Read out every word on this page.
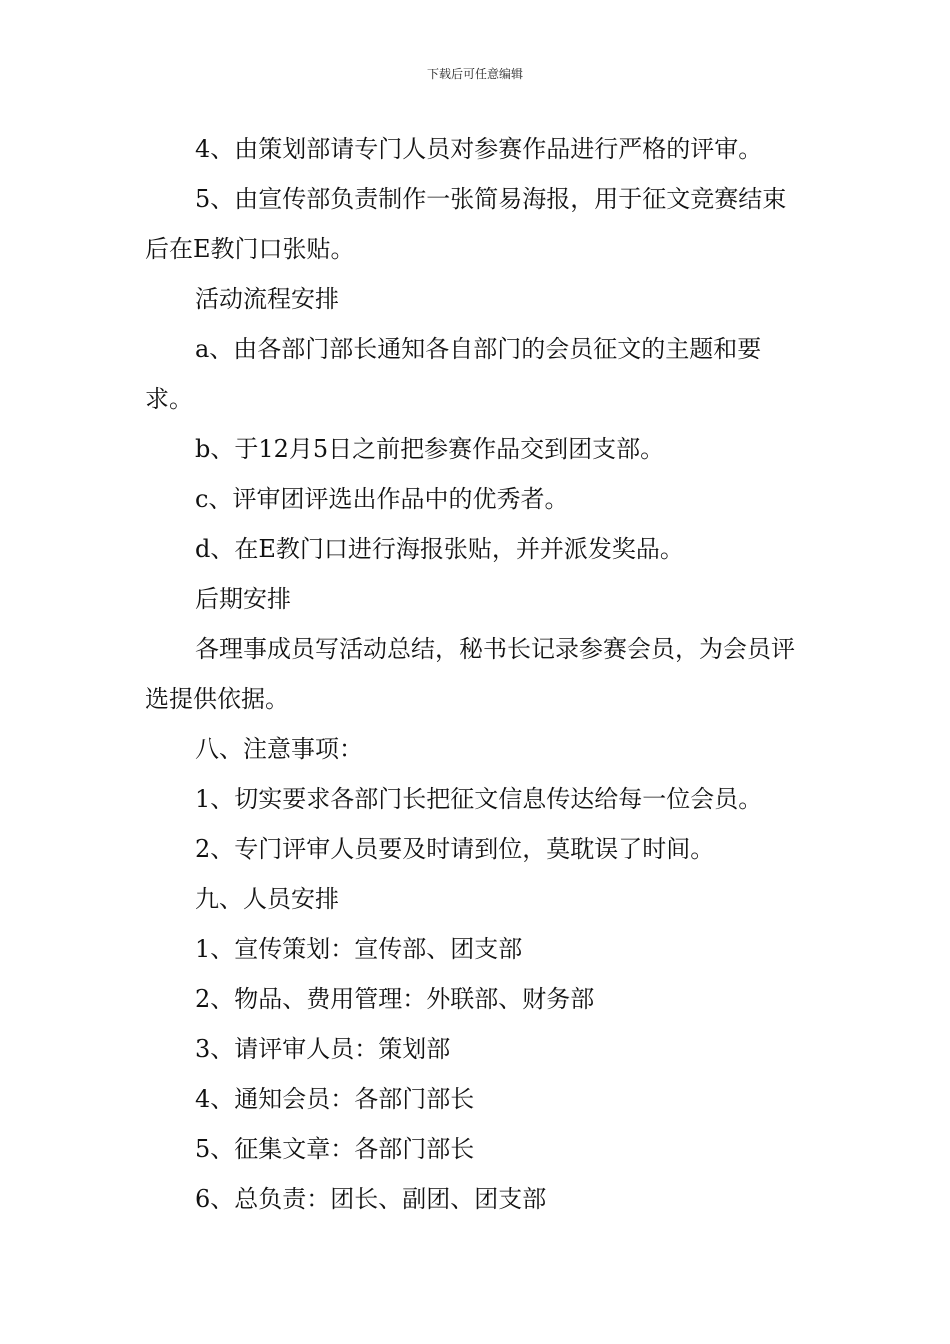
下载后可任意编辑

4、由策划部请专门人员对参赛作品进行严格的评审。

5、由宣传部负责制作一张简易海报，用于征文竞赛结束后在E教门口张贴。

活动流程安排

a、由各部门部长通知各自部门的会员征文的主题和要求。

b、于12月5日之前把参赛作品交到团支部。

c、评审团评选出作品中的优秀者。

d、在E教门口进行海报张贴，并并派发奖品。

后期安排

各理事成员写活动总结，秘书长记录参赛会员，为会员评选提供依据。

八、注意事项：

1、切实要求各部门长把征文信息传达给每一位会员。

2、专门评审人员要及时请到位，莫耽误了时间。

九、人员安排

1、宣传策划：宣传部、团支部

2、物品、费用管理：外联部、财务部

3、请评审人员：策划部

4、通知会员：各部门部长

5、征集文章：各部门部长

6、总负责：团长、副团、团支部
